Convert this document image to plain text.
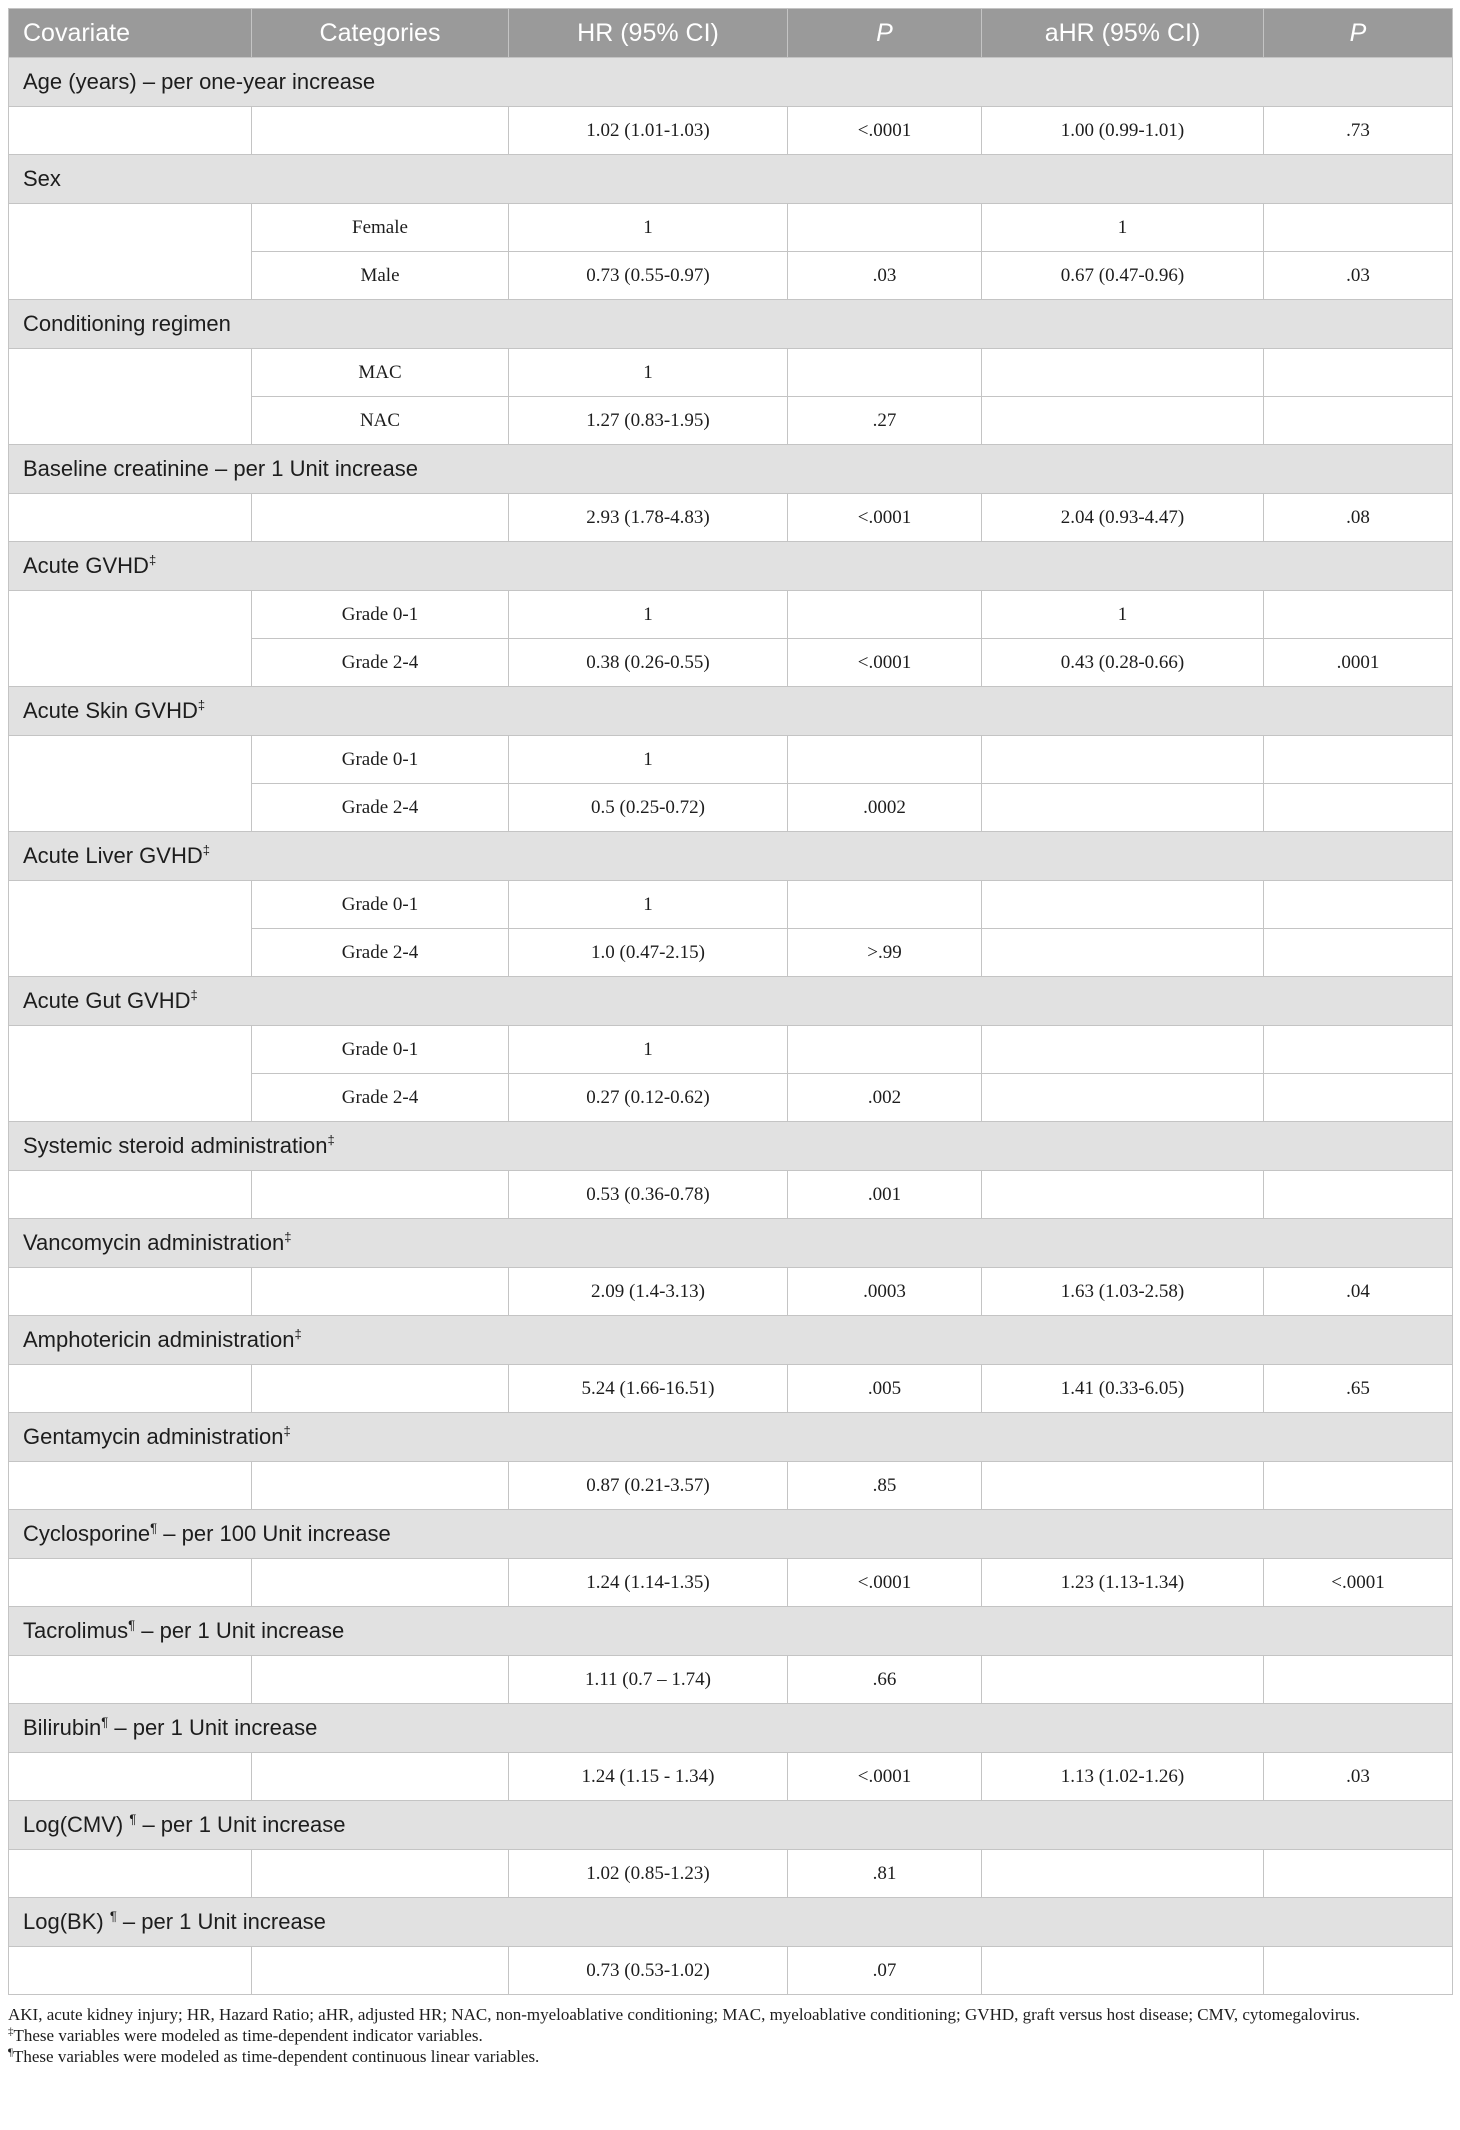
Covariate	Categories	HR (95% CI)	P	aHR (95% CI)	P
Age (years) – per one-year increase					
		1.02 (1.01-1.03)	<.0001	1.00 (0.99-1.01)	.73
Sex					
	Female	1		1	
	Male	0.73 (0.55-0.97)	.03	0.67 (0.47-0.96)	.03
Conditioning regimen					
	MAC	1			
	NAC	1.27 (0.83-1.95)	.27		
Baseline creatinine – per 1 Unit increase					
		2.93 (1.78-4.83)	<.0001	2.04 (0.93-4.47)	.08
Acute GVHD‡
	Grade 0-1	1		1	
	Grade 2-4	0.38 (0.26-0.55)	<.0001	0.43 (0.28-0.66)	.0001
Acute Skin GVHD‡
	Grade 0-1	1			
	Grade 2-4	0.5 (0.25-0.72)	.0002		
Acute Liver GVHD‡
	Grade 0-1	1			
	Grade 2-4	1.0 (0.47-2.15)	>.99		
Acute Gut GVHD‡
	Grade 0-1	1			
	Grade 2-4	0.27 (0.12-0.62)	.002		
Systemic steroid administration‡
		0.53 (0.36-0.78)	.001		
Vancomycin administration‡
		2.09 (1.4-3.13)	.0003	1.63 (1.03-2.58)	.04
Amphotericin administration‡
		5.24 (1.66-16.51)	.005	1.41 (0.33-6.05)	.65
Gentamycin administration‡
		0.87 (0.21-3.57)	.85		
Cyclosporine¶ – per 100 Unit increase					
		1.24 (1.14-1.35)	<.0001	1.23 (1.13-1.34)	<.0001
Tacrolimus¶ – per 1 Unit increase					
		1.11 (0.7 – 1.74)	.66		
Bilirubin¶ – per 1 Unit increase					
		1.24 (1.15 - 1.34)	<.0001	1.13 (1.02-1.26)	.03
Log(CMV) ¶ – per 1 Unit increase					
		1.02 (0.85-1.23)	.81		
Log(BK) ¶ – per 1 Unit increase					
		0.73 (0.53-1.02)	.07		

AKI, acute kidney injury; HR, Hazard Ratio; aHR, adjusted HR; NAC, non-myeloablative conditioning; MAC, myeloablative conditioning; GVHD, graft versus host disease; CMV, cytomegalovirus.

‡These variables were modeled as time-dependent indicator variables.

¶These variables were modeled as time-dependent continuous linear variables.
